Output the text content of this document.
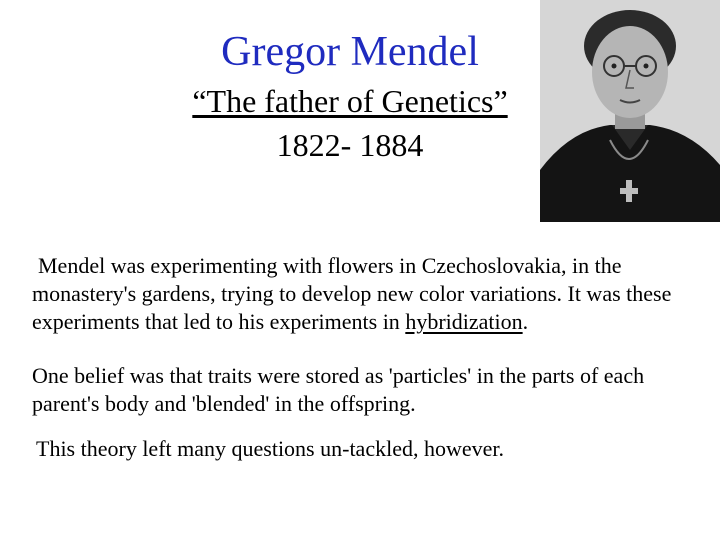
Gregor Mendel
“The father of Genetics”
1822- 1884

Mendel was experimenting with flowers in Czechoslovakia, in the monastery's gardens, trying to develop new color variations. It was these experiments that led to his experiments in hybridization.

One belief was that traits were stored as 'particles' in the parts of each parent's body and 'blended' in the offspring.

This theory left many questions un-tackled, however.
